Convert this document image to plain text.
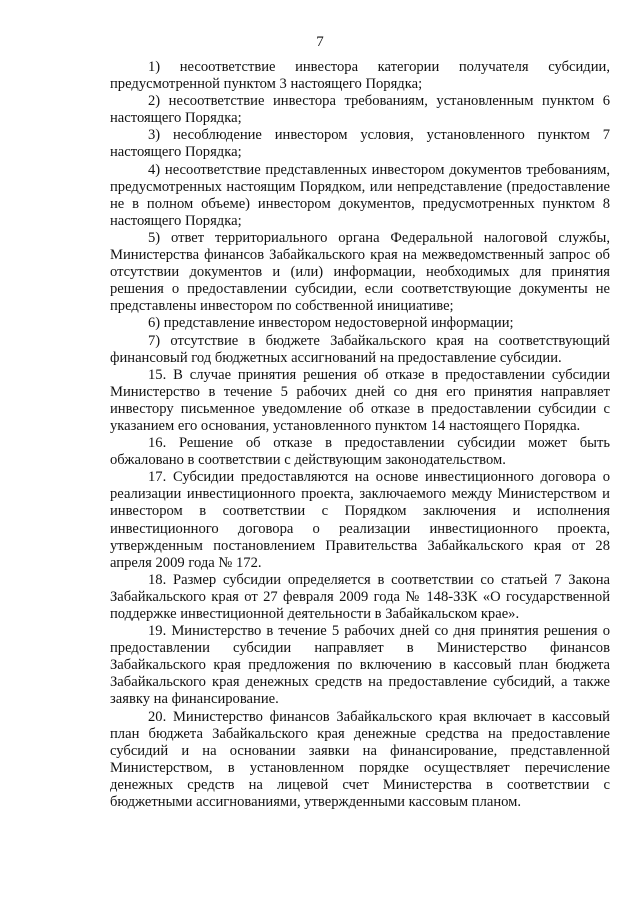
7

1) несоответствие инвестора категории получателя субсидии, предусмотренной пунктом 3 настоящего Порядка;

2) несоответствие инвестора требованиям, установленным пунктом 6 настоящего Порядка;

3) несоблюдение инвестором условия, установленного пунктом 7 настоящего Порядка;

4) несоответствие представленных инвестором документов требованиям, предусмотренных настоящим Порядком, или непредставление (предоставление не в полном объеме) инвестором документов, предусмотренных пунктом 8 настоящего Порядка;

5) ответ территориального органа Федеральной налоговой службы, Министерства финансов Забайкальского края на межведомственный запрос об отсутствии документов и (или) информации, необходимых для принятия решения о предоставлении субсидии, если соответствующие документы не представлены инвестором по собственной инициативе;

6) представление инвестором недостоверной информации;

7) отсутствие в бюджете Забайкальского края на соответствующий финансовый год бюджетных ассигнований на предоставление субсидии.

15. В случае принятия решения об отказе в предоставлении субсидии Министерство в течение 5 рабочих дней со дня его принятия направляет инвестору письменное уведомление об отказе в предоставлении субсидии с указанием его основания, установленного пунктом 14 настоящего Порядка.

16. Решение об отказе в предоставлении субсидии может быть обжаловано в соответствии с действующим законодательством.

17. Субсидии предоставляются на основе инвестиционного договора о реализации инвестиционного проекта, заключаемого между Министерством и инвестором в соответствии с Порядком заключения и исполнения инвестиционного договора о реализации инвестиционного проекта, утвержденным постановлением Правительства Забайкальского края от 28 апреля 2009 года № 172.

18. Размер субсидии определяется в соответствии со статьей 7 Закона Забайкальского края от 27 февраля 2009 года № 148-ЗЗК «О государственной поддержке инвестиционной деятельности в Забайкальском крае».

19. Министерство в течение 5 рабочих дней со дня принятия решения о предоставлении субсидии направляет в Министерство финансов Забайкальского края предложения по включению в кассовый план бюджета Забайкальского края денежных средств на предоставление субсидий, а также заявку на финансирование.

20. Министерство финансов Забайкальского края включает в кассовый план бюджета Забайкальского края денежные средства на предоставление субсидий и на основании заявки на финансирование, представленной Министерством, в установленном порядке осуществляет перечисление денежных средств на лицевой счет Министерства в соответствии с бюджетными ассигнованиями, утвержденными кассовым планом.
